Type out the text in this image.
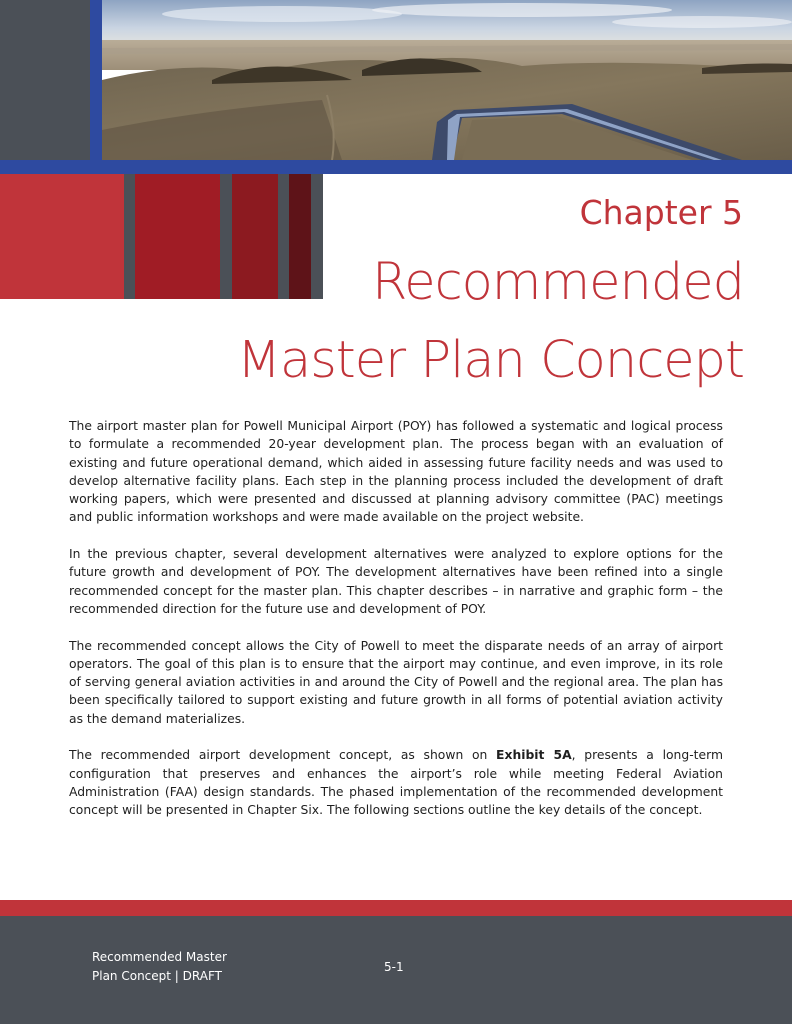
Chapter 5
Recommended
Master Plan Concept

The airport master plan for Powell Municipal Airport (POY) has followed a systematic and logical process to formulate a recommended 20-year development plan. The process began with an evaluation of existing and future operational demand, which aided in assessing future facility needs and was used to develop alternative facility plans. Each step in the planning process included the development of draft working papers, which were presented and discussed at planning advisory committee (PAC) meetings and public information workshops and were made available on the project website.

In the previous chapter, several development alternatives were analyzed to explore options for the future growth and development of POY. The development alternatives have been refined into a single recommended concept for the master plan. This chapter describes – in narrative and graphic form – the recommended direction for the future use and development of POY.

The recommended concept allows the City of Powell to meet the disparate needs of an array of airport operators. The goal of this plan is to ensure that the airport may continue, and even improve, in its role of serving general aviation activities in and around the City of Powell and the regional area. The plan has been specifically tailored to support existing and future growth in all forms of potential aviation activity as the demand materializes.

The recommended airport development concept, as shown on Exhibit 5A, presents a long-term configuration that preserves and enhances the airport’s role while meeting Federal Aviation Administration (FAA) design standards. The phased implementation of the recommended development concept will be presented in Chapter Six. The following sections outline the key details of the concept.

Recommended Master
Plan Concept | DRAFT
5-1
